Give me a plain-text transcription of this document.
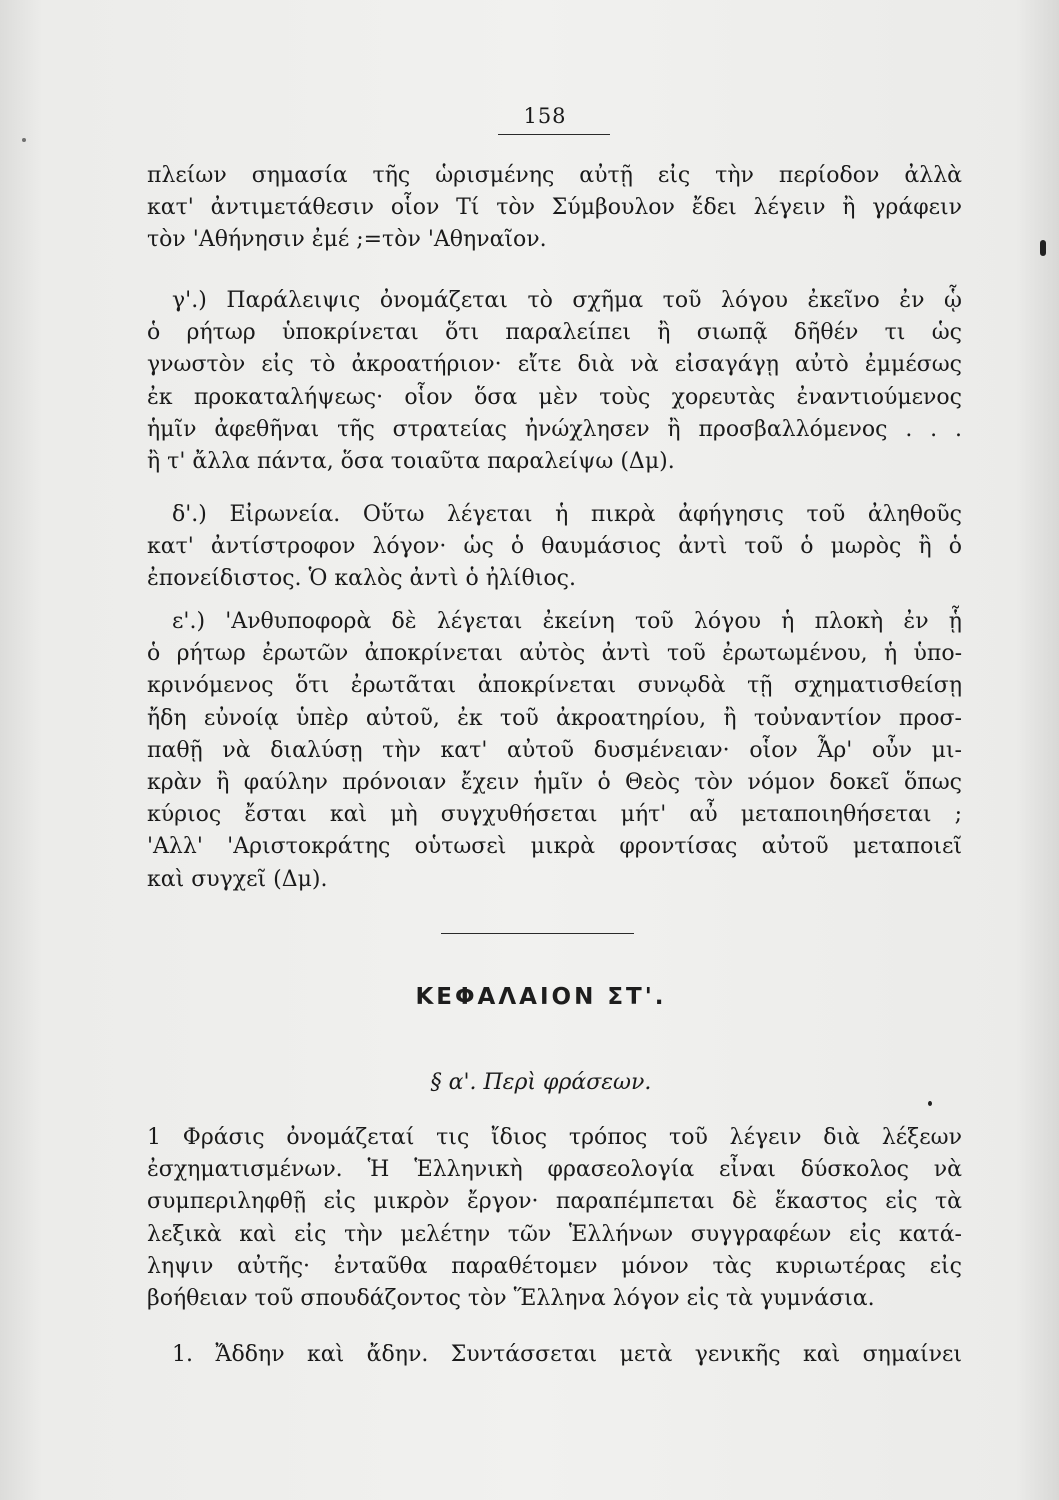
158
πλείων σημασία τῆς ὡρισμένης αὐτῇ εἰς τὴν περίοδον ἀλλὰ
κατ' ἀντιμετάθεσιν οἷον Τί τὸν Σύμβουλον ἔδει λέγειν ἢ γράφειν
τὸν 'Αθήνησιν ἐμέ ;=τὸν 'Αθηναῖον.
γ'.) Παράλειψις ὀνομάζεται τὸ σχῆμα τοῦ λόγου ἐκεῖνο ἐν ᾧ
ὁ ρήτωρ ὑποκρίνεται ὅτι παραλείπει ἢ σιωπᾷ δῆθέν τι ὡς
γνωστὸν εἰς τὸ ἀκροατήριον· εἴτε διὰ νὰ εἰσαγάγῃ αὐτὸ ἐμμέσως
ἐκ προκαταλήψεως· οἷον ὅσα μὲν τοὺς χορευτὰς ἐναντιούμενος
ἡμῖν ἀφεθῆναι τῆς στρατείας ἠνώχλησεν ἢ προσβαλλόμενος . . .
ἢ τ' ἄλλα πάντα, ὅσα τοιαῦτα παραλείψω (Δμ).
δ'.) Εἰρωνεία. Οὕτω λέγεται ἡ πικρὰ ἀφήγησις τοῦ ἀληθοῦς
κατ' ἀντίστροφον λόγον· ὡς ὁ θαυμάσιος ἀντὶ τοῦ ὁ μωρὸς ἢ ὁ
ἐπονείδιστος. Ὁ καλὸς ἀντὶ ὁ ἠλίθιος.
ε'.) 'Ανθυποφορὰ δὲ λέγεται ἐκείνη τοῦ λόγου ἡ πλοκὴ ἐν ᾗ
ὁ ρήτωρ ἐρωτῶν ἀποκρίνεται αὐτὸς ἀντὶ τοῦ ἐρωτωμένου, ἡ ὑπο-
κρινόμενος ὅτι ἐρωτᾶται ἀποκρίνεται συνῳδὰ τῇ σχηματισθείσῃ
ἤδη εὐνοίᾳ ὑπὲρ αὐτοῦ, ἐκ τοῦ ἀκροατηρίου, ἢ τοὐναντίον προσ-
παθῇ νὰ διαλύσῃ τὴν κατ' αὐτοῦ δυσμένειαν· οἷον Ἆρ' οὖν μι-
κρὰν ἢ φαύλην πρόνοιαν ἔχειν ἡμῖν ὁ Θεὸς τὸν νόμον δοκεῖ ὅπως
κύριος ἔσται καὶ μὴ συγχυθήσεται μήτ' αὖ μεταποιηθήσεται ;
'Αλλ' 'Αριστοκράτης οὑτωσεὶ μικρὰ φροντίσας αὐτοῦ μεταποιεῖ
καὶ συγχεῖ (Δμ).
ΚΕΦΑΛΑΙΟΝ ΣΤ'.
§ α'. Περὶ φράσεων.
1 Φράσις ὀνομάζεταί τις ἴδιος τρόπος τοῦ λέγειν διὰ λέξεων
ἐσχηματισμένων. Ἡ Ἑλληνικὴ φρασεολογία εἶναι δύσκολος νὰ
συμπεριληφθῇ εἰς μικρὸν ἔργον· παραπέμπεται δὲ ἕκαστος εἰς τὰ
λεξικὰ καὶ εἰς τὴν μελέτην τῶν Ἑλλήνων συγγραφέων εἰς κατά-
ληψιν αὐτῆς· ἐνταῦθα παραθέτομεν μόνον τὰς κυριωτέρας εἰς
βοήθειαν τοῦ σπουδάζοντος τὸν Ἕλληνα λόγον εἰς τὰ γυμνάσια.
1. Ἄδδην καὶ ἄδην. Συντάσσεται μετὰ γενικῆς καὶ σημαίνει
